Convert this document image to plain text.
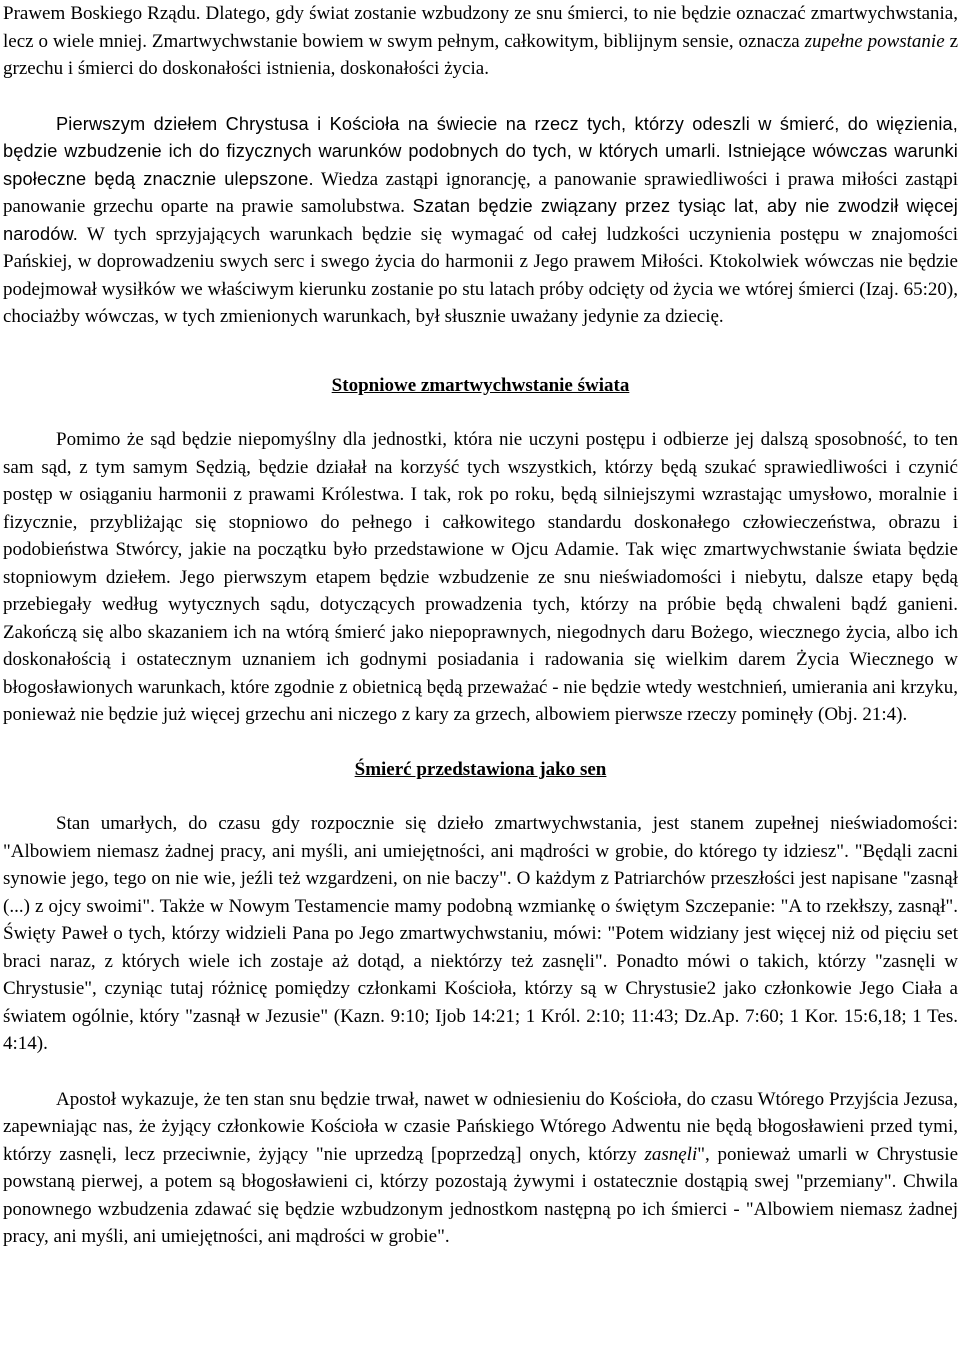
Prawem Boskiego Rządu. Dlatego, gdy świat zostanie wzbudzony ze snu śmierci, to nie będzie oznaczać zmartwychwstania, lecz o wiele mniej. Zmartwychwstanie bowiem w swym pełnym, całkowitym, biblijnym sensie, oznacza zupełne powstanie z grzechu i śmierci do doskonałości istnienia, doskonałości życia.

Pierwszym dziełem Chrystusa i Kościoła na świecie na rzecz tych, którzy odeszli w śmierć, do więzienia, będzie wzbudzenie ich do fizycznych warunków podobnych do tych, w których umarli. Istniejące wówczas warunki społeczne będą znacznie ulepszone. Wiedza zastąpi ignorancję, a panowanie sprawiedliwości i prawa miłości zastąpi panowanie grzechu oparte na prawie samolubstwa. Szatan będzie związany przez tysiąc lat, aby nie zwodził więcej narodów. W tych sprzyjających warunkach będzie się wymagać od całej ludzkości uczynienia postępu w znajomości Pańskiej, w doprowadzeniu swych serc i swego życia do harmonii z Jego prawem Miłości. Ktokolwiek wówczas nie będzie podejmował wysiłków we właściwym kierunku zostanie po stu latach próby odcięty od życia we wtórej śmierci (Izaj. 65:20), chociażby wówczas, w tych zmienionych warunkach, był słusznie uważany jedynie za dziecię.

Stopniowe zmartwychwstanie świata

Pomimo że sąd będzie niepomyślny dla jednostki, która nie uczyni postępu i odbierze jej dalszą sposobność, to ten sam sąd, z tym samym Sędzią, będzie działał na korzyść tych wszystkich, którzy będą szukać sprawiedliwości i czynić postęp w osiąganiu harmonii z prawami Królestwa. I tak, rok po roku, będą silniejszymi wzrastając umysłowo, moralnie i fizycznie, przybliżając się stopniowo do pełnego i całkowitego standardu doskonałego człowieczeństwa, obrazu i podobieństwa Stwórcy, jakie na początku było przedstawione w Ojcu Adamie. Tak więc zmartwychwstanie świata będzie stopniowym dziełem. Jego pierwszym etapem będzie wzbudzenie ze snu nieświadomości i niebytu, dalsze etapy będą przebiegały według wytycznych sądu, dotyczących prowadzenia tych, którzy na próbie będą chwaleni bądź ganieni. Zakończą się albo skazaniem ich na wtórą śmierć jako niepoprawnych, niegodnych daru Bożego, wiecznego życia, albo ich doskonałością i ostatecznym uznaniem ich godnymi posiadania i radowania się wielkim darem Życia Wiecznego w błogosławionych warunkach, które zgodnie z obietnicą będą przeważać - nie będzie wtedy westchnień, umierania ani krzyku, ponieważ nie będzie już więcej grzechu ani niczego z kary za grzech, albowiem pierwsze rzeczy pominęły (Obj. 21:4).

Śmierć przedstawiona jako sen

Stan umarłych, do czasu gdy rozpocznie się dzieło zmartwychwstania, jest stanem zupełnej nieświadomości: "Albowiem niemasz żadnej pracy, ani myśli, ani umiejętności, ani mądrości w grobie, do którego ty idziesz". "Będąli zacni synowie jego, tego on nie wie, jeźli też wzgardzeni, on nie baczy". O każdym z Patriarchów przeszłości jest napisane "zasnął (...) z ojcy swoimi". Także w Nowym Testamencie mamy podobną wzmiankę o świętym Szczepanie: "A to rzekłszy, zasnął". Święty Paweł o tych, którzy widzieli Pana po Jego zmartwychwstaniu, mówi: "Potem widziany jest więcej niż od pięciu set braci naraz, z których wiele ich zostaje aż dotąd, a niektórzy też zasnęli". Ponadto mówi o takich, którzy "zasnęli w Chrystusie", czyniąc tutaj różnicę pomiędzy członkami Kościoła, którzy są w Chrystusie2 jako członkowie Jego Ciała a światem ogólnie, który "zasnął w Jezusie" (Kazn. 9:10; Ijob 14:21; 1 Król. 2:10; 11:43; Dz.Ap. 7:60; 1 Kor. 15:6,18; 1 Tes. 4:14).

Apostoł wykazuje, że ten stan snu będzie trwał, nawet w odniesieniu do Kościoła, do czasu Wtórego Przyjścia Jezusa, zapewniając nas, że żyjący członkowie Kościoła w czasie Pańskiego Wtórego Adwentu nie będą błogosławieni przed tymi, którzy zasnęli, lecz przeciwnie, żyjący "nie uprzedzą [poprzedzą] onych, którzy zasnęli", ponieważ umarli w Chrystusie powstaną pierwej, a potem są błogosławieni ci, którzy pozostają żywymi i ostatecznie dostąpią swej "przemiany". Chwila ponownego wzbudzenia zdawać się będzie wzbudzonym jednostkom następną po ich śmierci - "Albowiem niemasz żadnej pracy, ani myśli, ani umiejętności, ani mądrości w grobie".
